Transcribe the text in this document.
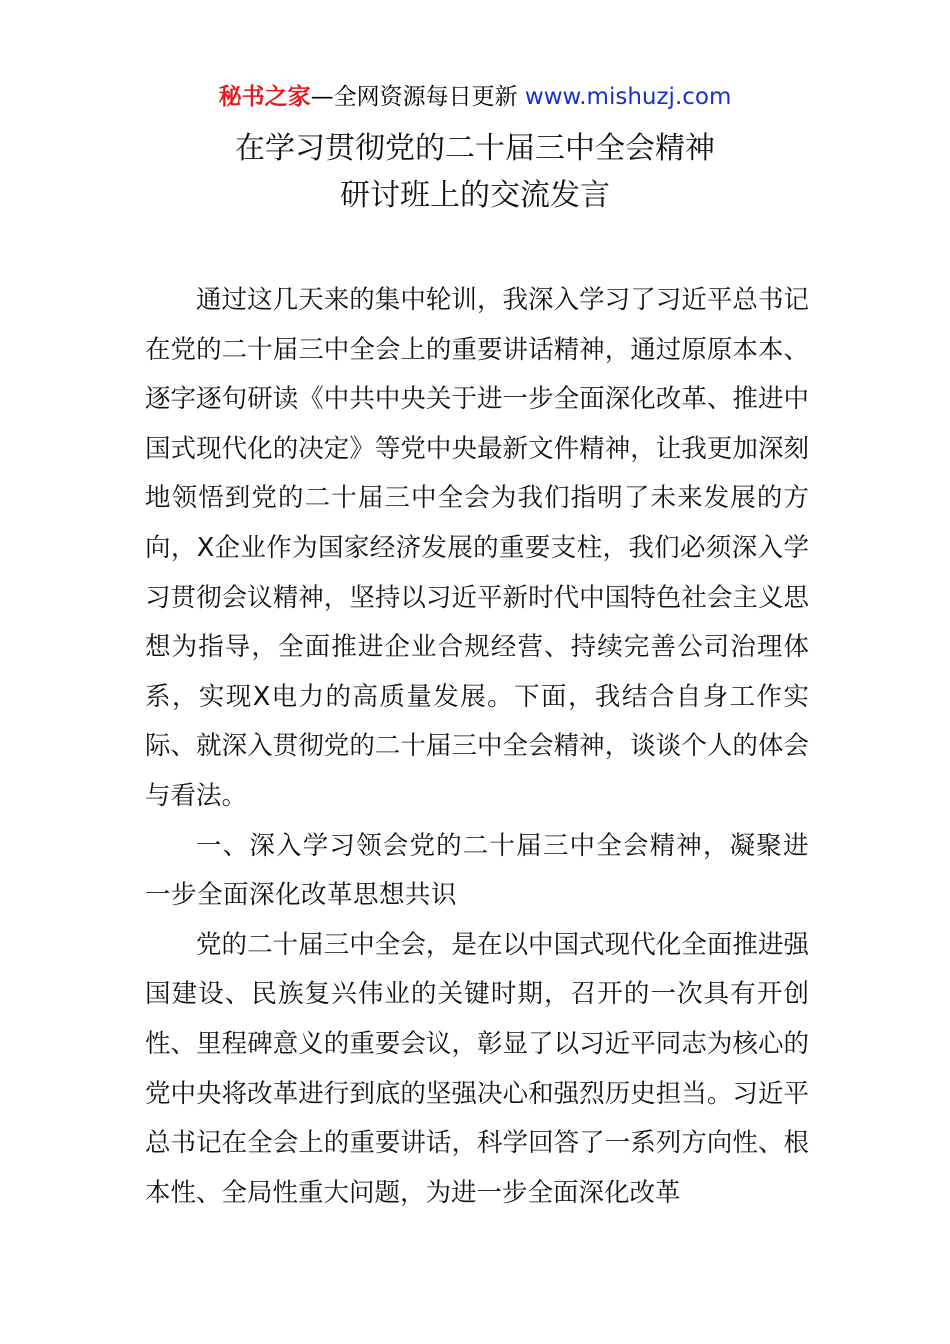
秘书之家—全网资源每日更新 www.mishuzj.com
在学习贯彻党的二十届三中全会精神
研讨班上的交流发言

通过这几天来的集中轮训，我深入学习了习近平总书记在党的二十届三中全会上的重要讲话精神，通过原原本本、逐字逐句研读《中共中央关于进一步全面深化改革、推进中国式现代化的决定》等党中央最新文件精神，让我更加深刻地领悟到党的二十届三中全会为我们指明了未来发展的方向，X企业作为国家经济发展的重要支柱，我们必须深入学习贯彻会议精神，坚持以习近平新时代中国特色社会主义思想为指导，全面推进企业合规经营、持续完善公司治理体系，实现X电力的高质量发展。下面，我结合自身工作实际、就深入贯彻党的二十届三中全会精神，谈谈个人的体会与看法。

一、深入学习领会党的二十届三中全会精神，凝聚进一步全面深化改革思想共识

党的二十届三中全会，是在以中国式现代化全面推进强国建设、民族复兴伟业的关键时期，召开的一次具有开创性、里程碑意义的重要会议，彰显了以习近平同志为核心的党中央将改革进行到底的坚强决心和强烈历史担当。习近平总书记在全会上的重要讲话，科学回答了一系列方向性、根本性、全局性重大问题，为进一步全面深化改革
